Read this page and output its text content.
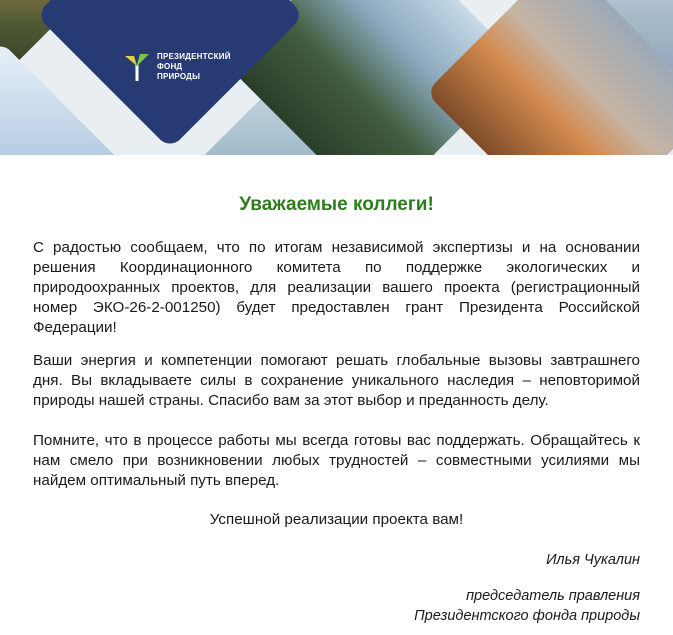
ПРЕЗИДЕНТСКИЙ
ФОНД
ПРИРОДЫ
Уважаемые коллеги!

С радостью сообщаем, что по итогам независимой экспертизы и на основании решения Координационного комитета по поддержке экологических и природоохранных проектов, для реализации вашего проекта (регистрационный номер ЭКО-26-2-001250) будет предоставлен грант Президента Российской Федерации!

Ваши энергия и компетенции помогают решать глобальные вызовы завтрашнего дня. Вы вкладываете силы в сохранение уникального наследия – неповторимой природы нашей страны. Спасибо вам за этот выбор и преданность делу.

Помните, что в процессе работы мы всегда готовы вас поддержать. Обращайтесь к нам смело при возникновении любых трудностей – совместными усилиями мы найдем оптимальный путь вперед.

Успешной реализации проекта вам!
Илья Чукалин
председатель правления
Президентского фонда природы
